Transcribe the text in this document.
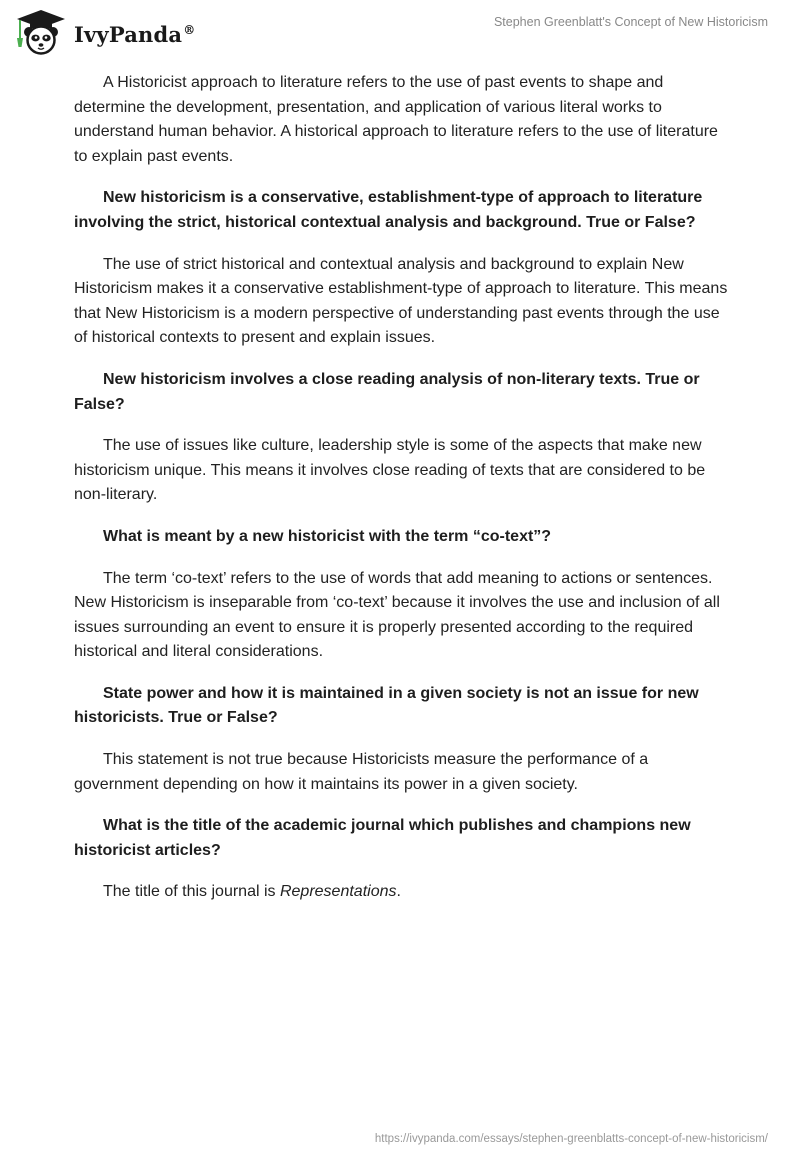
IvyPanda®
Stephen Greenblatt's Concept of New Historicism

A Historicist approach to literature refers to the use of past events to shape and determine the development, presentation, and application of various literal works to understand human behavior. A historical approach to literature refers to the use of literature to explain past events.

New historicism is a conservative, establishment-type of approach to literature involving the strict, historical contextual analysis and background. True or False?

The use of strict historical and contextual analysis and background to explain New Historicism makes it a conservative establishment-type of approach to literature. This means that New Historicism is a modern perspective of understanding past events through the use of historical contexts to present and explain issues.

New historicism involves a close reading analysis of non-literary texts. True or False?

The use of issues like culture, leadership style is some of the aspects that make new historicism unique. This means it involves close reading of texts that are considered to be non-literary.

What is meant by a new historicist with the term “co-text”?

The term ‘co-text’ refers to the use of words that add meaning to actions or sentences. New Historicism is inseparable from ‘co-text’ because it involves the use and inclusion of all issues surrounding an event to ensure it is properly presented according to the required historical and literal considerations.

State power and how it is maintained in a given society is not an issue for new historicists. True or False?

This statement is not true because Historicists measure the performance of a government depending on how it maintains its power in a given society.

What is the title of the academic journal which publishes and champions new historicist articles?

The title of this journal is Representations.

https://ivypanda.com/essays/stephen-greenblatts-concept-of-new-historicism/
